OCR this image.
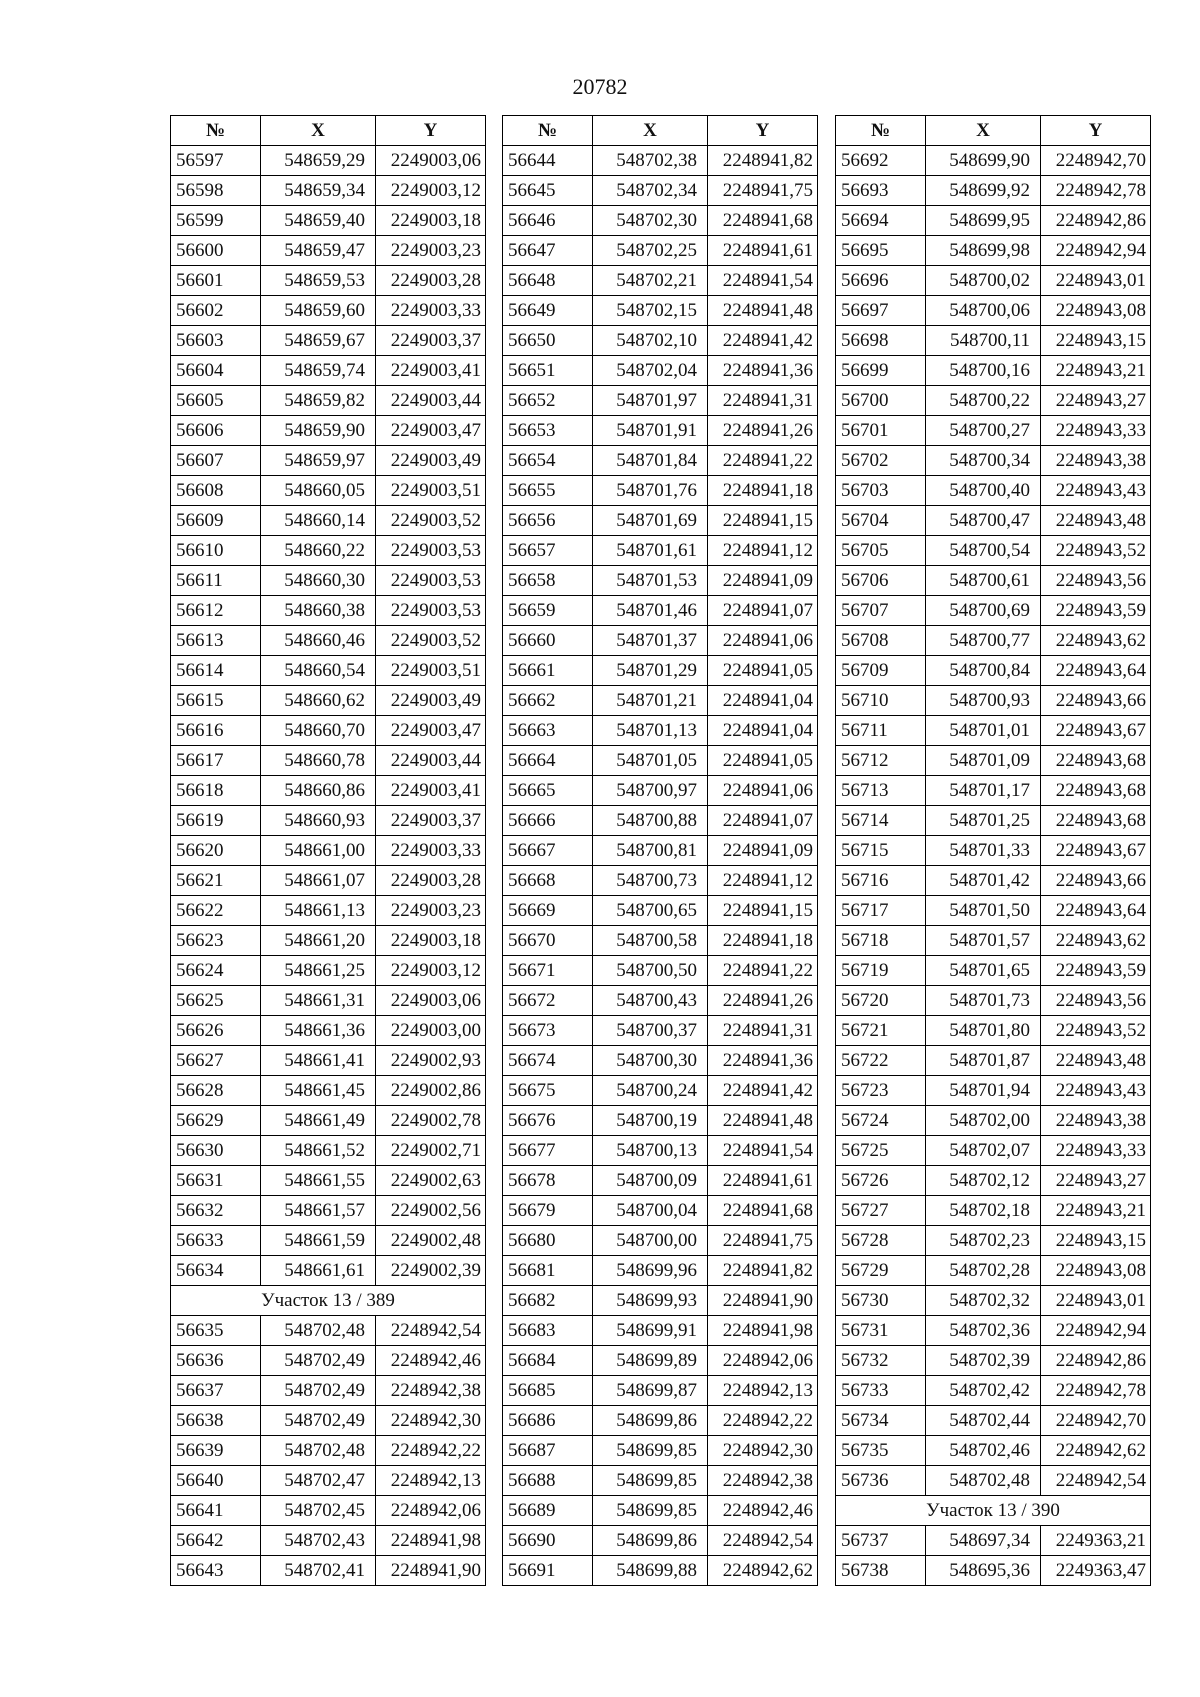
20782
№	X	Y
56597	548659,29	2249003,06
56598	548659,34	2249003,12
56599	548659,40	2249003,18
56600	548659,47	2249003,23
56601	548659,53	2249003,28
56602	548659,60	2249003,33
56603	548659,67	2249003,37
56604	548659,74	2249003,41
56605	548659,82	2249003,44
56606	548659,90	2249003,47
56607	548659,97	2249003,49
56608	548660,05	2249003,51
56609	548660,14	2249003,52
56610	548660,22	2249003,53
56611	548660,30	2249003,53
56612	548660,38	2249003,53
56613	548660,46	2249003,52
56614	548660,54	2249003,51
56615	548660,62	2249003,49
56616	548660,70	2249003,47
56617	548660,78	2249003,44
56618	548660,86	2249003,41
56619	548660,93	2249003,37
56620	548661,00	2249003,33
56621	548661,07	2249003,28
56622	548661,13	2249003,23
56623	548661,20	2249003,18
56624	548661,25	2249003,12
56625	548661,31	2249003,06
56626	548661,36	2249003,00
56627	548661,41	2249002,93
56628	548661,45	2249002,86
56629	548661,49	2249002,78
56630	548661,52	2249002,71
56631	548661,55	2249002,63
56632	548661,57	2249002,56
56633	548661,59	2249002,48
56634	548661,61	2249002,39
Участок 13 / 389		
56635	548702,48	2248942,54
56636	548702,49	2248942,46
56637	548702,49	2248942,38
56638	548702,49	2248942,30
56639	548702,48	2248942,22
56640	548702,47	2248942,13
56641	548702,45	2248942,06
56642	548702,43	2248941,98
56643	548702,41	2248941,90
№	X	Y
56644	548702,38	2248941,82
56645	548702,34	2248941,75
56646	548702,30	2248941,68
56647	548702,25	2248941,61
56648	548702,21	2248941,54
56649	548702,15	2248941,48
56650	548702,10	2248941,42
56651	548702,04	2248941,36
56652	548701,97	2248941,31
56653	548701,91	2248941,26
56654	548701,84	2248941,22
56655	548701,76	2248941,18
56656	548701,69	2248941,15
56657	548701,61	2248941,12
56658	548701,53	2248941,09
56659	548701,46	2248941,07
56660	548701,37	2248941,06
56661	548701,29	2248941,05
56662	548701,21	2248941,04
56663	548701,13	2248941,04
56664	548701,05	2248941,05
56665	548700,97	2248941,06
56666	548700,88	2248941,07
56667	548700,81	2248941,09
56668	548700,73	2248941,12
56669	548700,65	2248941,15
56670	548700,58	2248941,18
56671	548700,50	2248941,22
56672	548700,43	2248941,26
56673	548700,37	2248941,31
56674	548700,30	2248941,36
56675	548700,24	2248941,42
56676	548700,19	2248941,48
56677	548700,13	2248941,54
56678	548700,09	2248941,61
56679	548700,04	2248941,68
56680	548700,00	2248941,75
56681	548699,96	2248941,82
56682	548699,93	2248941,90
56683	548699,91	2248941,98
56684	548699,89	2248942,06
56685	548699,87	2248942,13
56686	548699,86	2248942,22
56687	548699,85	2248942,30
56688	548699,85	2248942,38
56689	548699,85	2248942,46
56690	548699,86	2248942,54
56691	548699,88	2248942,62
№	X	Y
56692	548699,90	2248942,70
56693	548699,92	2248942,78
56694	548699,95	2248942,86
56695	548699,98	2248942,94
56696	548700,02	2248943,01
56697	548700,06	2248943,08
56698	548700,11	2248943,15
56699	548700,16	2248943,21
56700	548700,22	2248943,27
56701	548700,27	2248943,33
56702	548700,34	2248943,38
56703	548700,40	2248943,43
56704	548700,47	2248943,48
56705	548700,54	2248943,52
56706	548700,61	2248943,56
56707	548700,69	2248943,59
56708	548700,77	2248943,62
56709	548700,84	2248943,64
56710	548700,93	2248943,66
56711	548701,01	2248943,67
56712	548701,09	2248943,68
56713	548701,17	2248943,68
56714	548701,25	2248943,68
56715	548701,33	2248943,67
56716	548701,42	2248943,66
56717	548701,50	2248943,64
56718	548701,57	2248943,62
56719	548701,65	2248943,59
56720	548701,73	2248943,56
56721	548701,80	2248943,52
56722	548701,87	2248943,48
56723	548701,94	2248943,43
56724	548702,00	2248943,38
56725	548702,07	2248943,33
56726	548702,12	2248943,27
56727	548702,18	2248943,21
56728	548702,23	2248943,15
56729	548702,28	2248943,08
56730	548702,32	2248943,01
56731	548702,36	2248942,94
56732	548702,39	2248942,86
56733	548702,42	2248942,78
56734	548702,44	2248942,70
56735	548702,46	2248942,62
56736	548702,48	2248942,54
Участок 13 / 390		
56737	548697,34	2249363,21
56738	548695,36	2249363,47
